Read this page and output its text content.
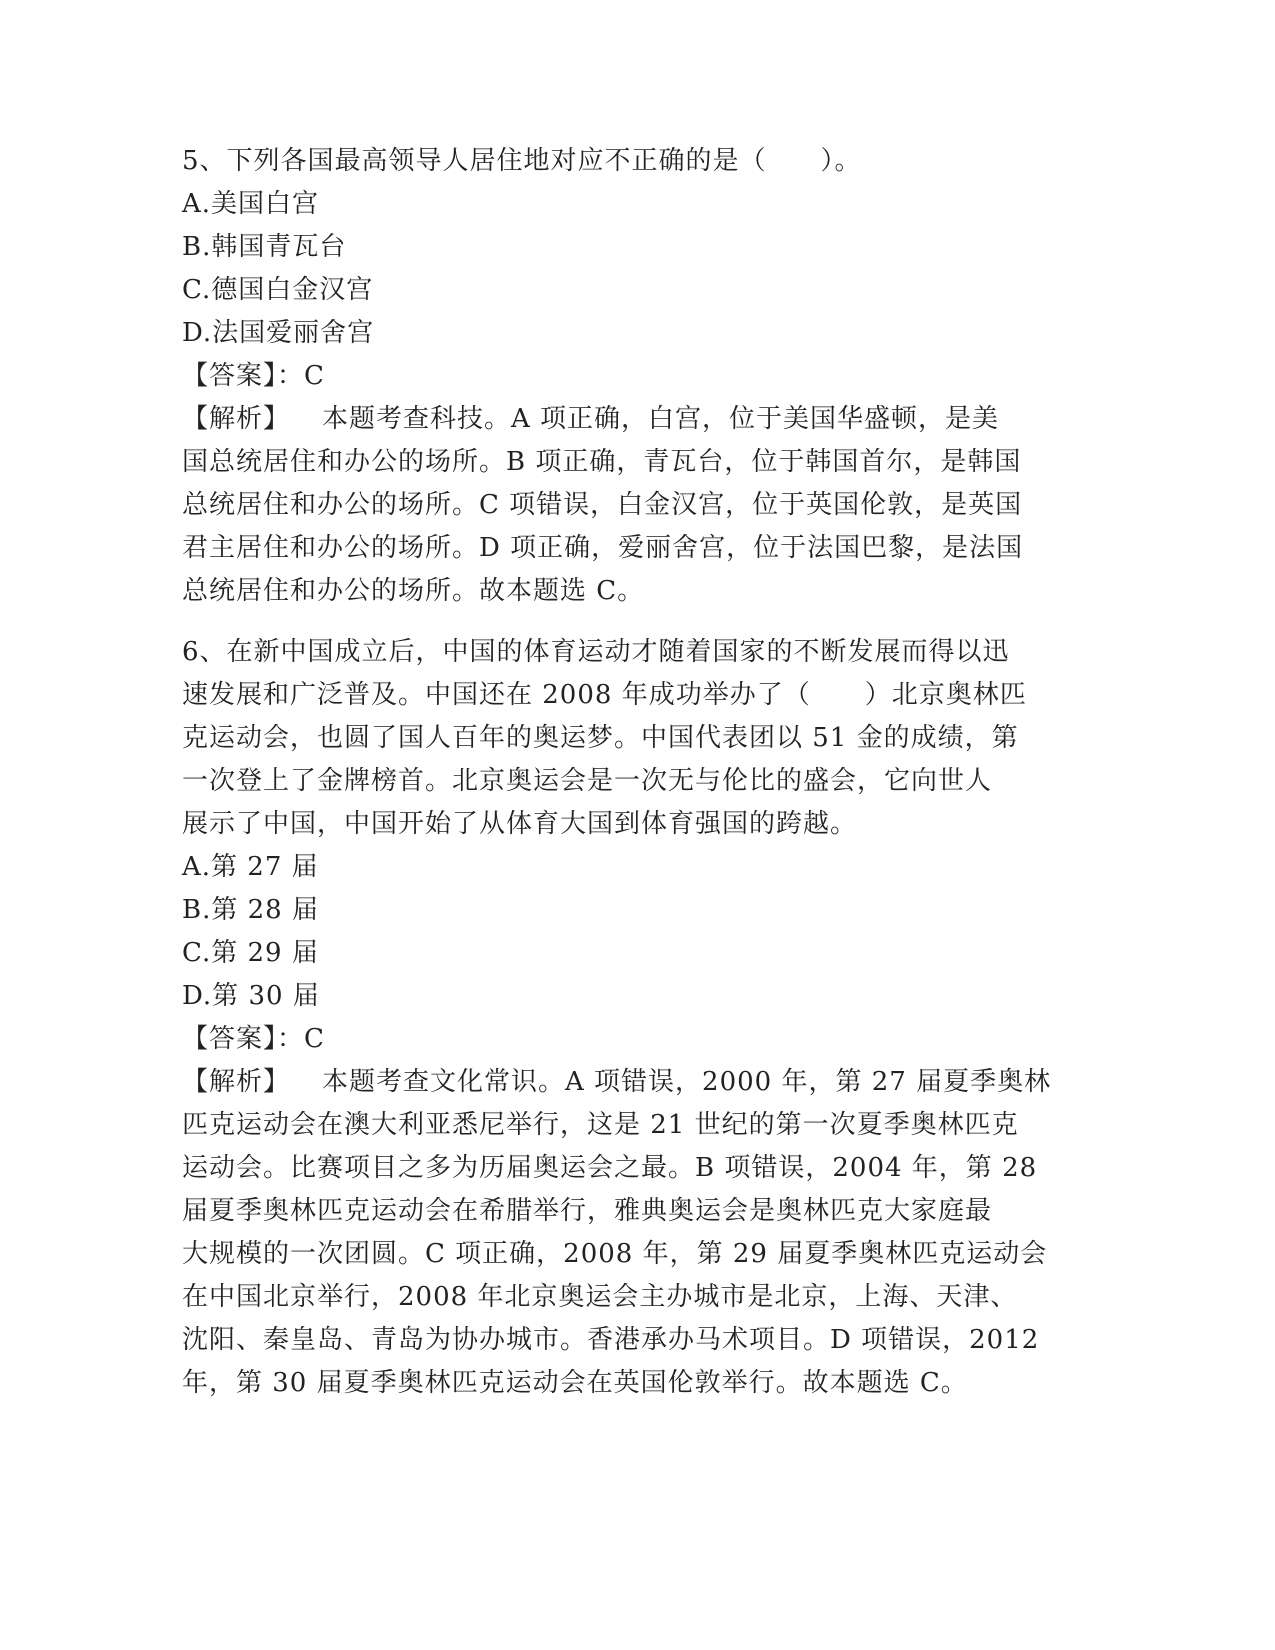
5、下列各国最高领导人居住地对应不正确的是（　　）。
A.美国白宫
B.韩国青瓦台
C.德国白金汉宫
D.法国爱丽舍宫
【答案】：C
【解析】 本题考查科技。A 项正确，白宫，位于美国华盛顿，是美
国总统居住和办公的场所。B 项正确，青瓦台，位于韩国首尔，是韩国
总统居住和办公的场所。C 项错误，白金汉宫，位于英国伦敦，是英国
君主居住和办公的场所。D 项正确，爱丽舍宫，位于法国巴黎，是法国
总统居住和办公的场所。故本题选 C。
6、在新中国成立后，中国的体育运动才随着国家的不断发展而得以迅
速发展和广泛普及。中国还在 2008 年成功举办了（　　）北京奥林匹
克运动会，也圆了国人百年的奥运梦。中国代表团以 51 金的成绩，第
一次登上了金牌榜首。北京奥运会是一次无与伦比的盛会，它向世人
展示了中国，中国开始了从体育大国到体育强国的跨越。
A.第 27 届
B.第 28 届
C.第 29 届
D.第 30 届
【答案】：C
【解析】 本题考查文化常识。A 项错误，2000 年，第 27 届夏季奥林
匹克运动会在澳大利亚悉尼举行，这是 21 世纪的第一次夏季奥林匹克
运动会。比赛项目之多为历届奥运会之最。B 项错误，2004 年，第 28
届夏季奥林匹克运动会在希腊举行，雅典奥运会是奥林匹克大家庭最
大规模的一次团圆。C 项正确，2008 年，第 29 届夏季奥林匹克运动会
在中国北京举行，2008 年北京奥运会主办城市是北京，上海、天津、
沈阳、秦皇岛、青岛为协办城市。香港承办马术项目。D 项错误，2012
年，第 30 届夏季奥林匹克运动会在英国伦敦举行。故本题选 C。
